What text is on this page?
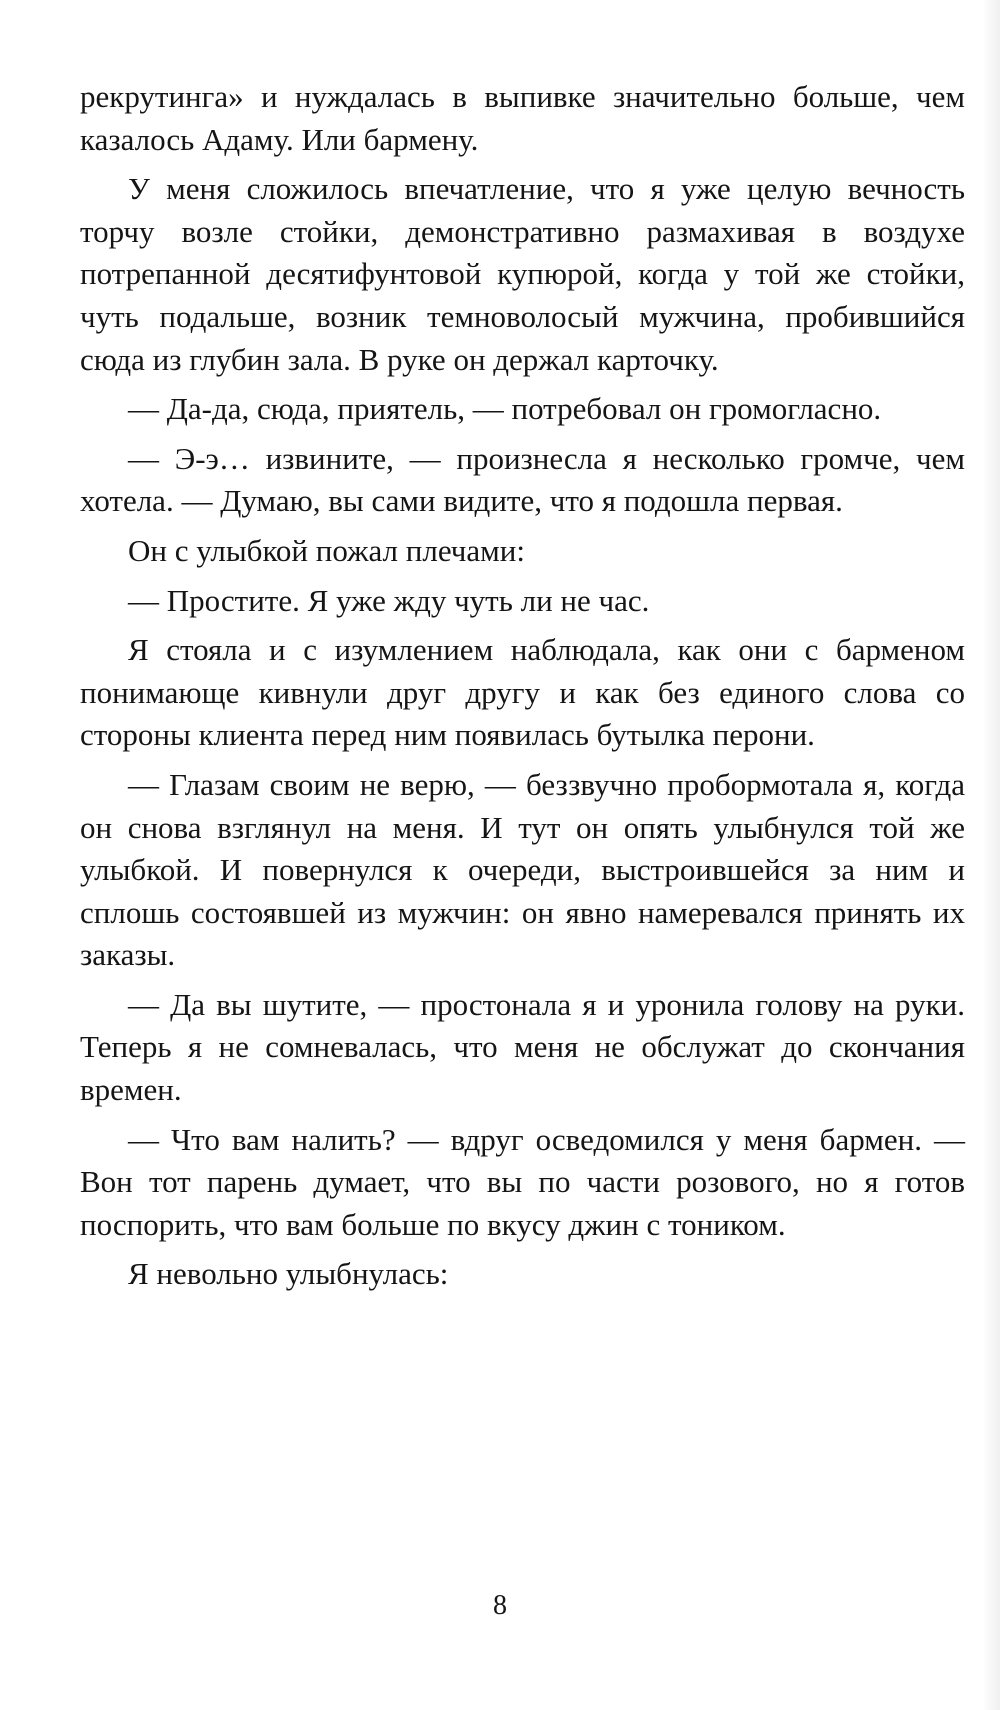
рекрутинга» и нуждалась в выпивке значительно больше, чем казалось Адаму. Или бармену.

У меня сложилось впечатление, что я уже целую вечность торчу возле стойки, демонстративно размахивая в воздухе потрепанной десятифунтовой купюрой, когда у той же стойки, чуть подальше, возник темноволосый мужчина, пробившийся сюда из глубин зала. В руке он держал карточку.

— Да-да, сюда, приятель, — потребовал он громогласно.

— Э-э… извините, — произнесла я несколько громче, чем хотела. — Думаю, вы сами видите, что я подошла первая.

Он с улыбкой пожал плечами:

— Простите. Я уже жду чуть ли не час.

Я стояла и с изумлением наблюдала, как они с барменом понимающе кивнули друг другу и как без единого слова со стороны клиента перед ним появилась бутылка перони.

— Глазам своим не верю, — беззвучно пробормотала я, когда он снова взглянул на меня. И тут он опять улыбнулся той же улыбкой. И повернулся к очереди, выстроившейся за ним и сплошь состоявшей из мужчин: он явно намеревался принять их заказы.

— Да вы шутите, — простонала я и уронила голову на руки. Теперь я не сомневалась, что меня не обслужат до скончания времен.

— Что вам налить? — вдруг осведомился у меня бармен. — Вон тот парень думает, что вы по части розового, но я готов поспорить, что вам больше по вкусу джин с тоником.

Я невольно улыбнулась:

8
